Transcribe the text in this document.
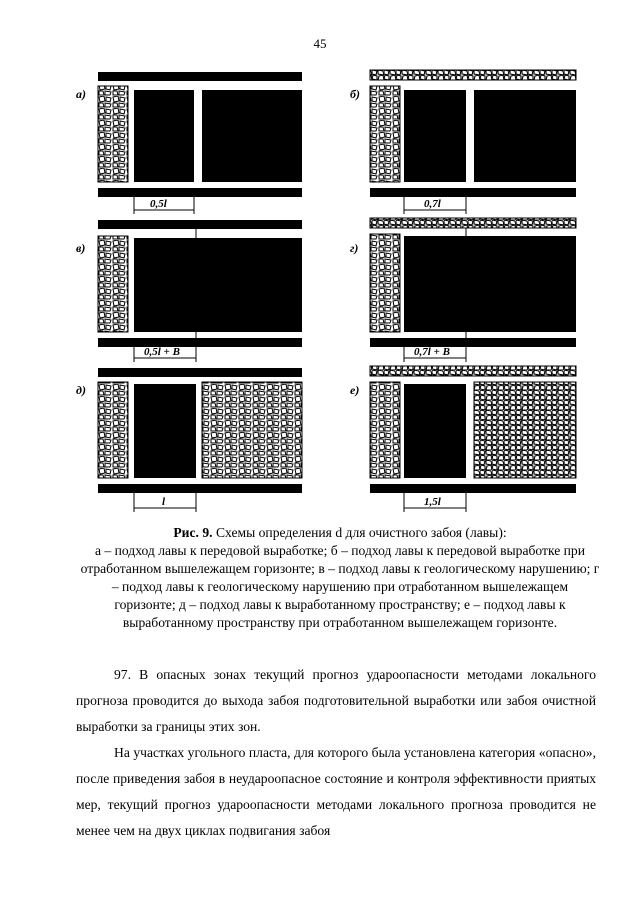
45
а)
0,5l
б)
0,7l
в)
0,5l + B
г)
0,7l + B
д)
l
е)
1,5l
Рис. 9. Схемы определения d для очистного забоя (лавы):
а – подход лавы к передовой выработке; б – подход лавы к передовой выработке при отработанном вышележащем горизонте; в – подход лавы к геологическому нарушению; г – подход лавы к геологическому нарушению при отработанном вышележащем горизонте; д – подход лавы к выработанному пространству; е – подход лавы к выработанному пространству при отработанном вышележащем горизонте.
97. В опасных зонах текущий прогноз удароопасности методами локального прогноза проводится до выхода забоя подготовительной выработки или забоя очистной выработки за границы этих зон.
На участках угольного пласта, для которого была установлена категория «опасно», после приведения забоя в неудароопасное состояние и контроля эффективности приятых мер, текущий прогноз удароопасности методами локального прогноза проводится не менее чем на двух циклах подвигания забоя
